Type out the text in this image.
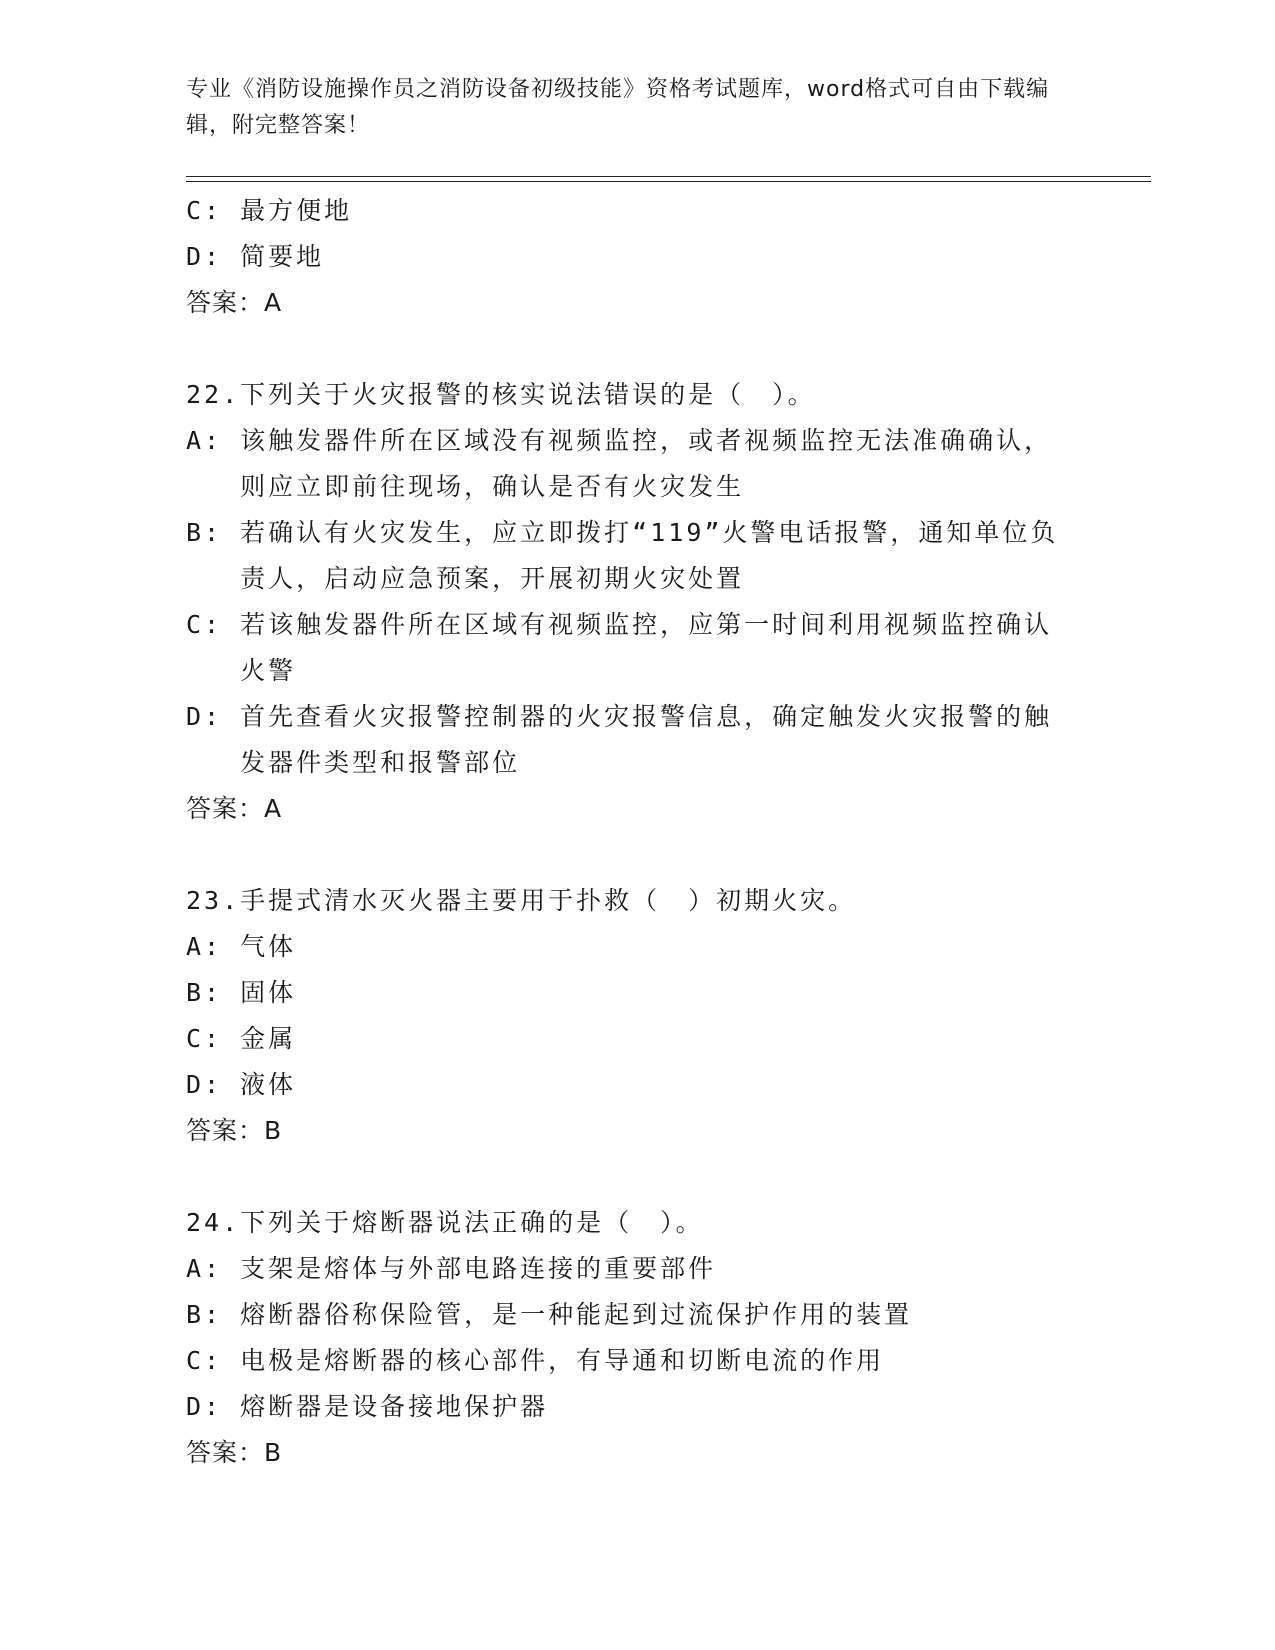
专业《消防设施操作员之消防设备初级技能》资格考试题库，word格式可自由下载编辑，附完整答案！
C:
最方便地
D:
简要地
答案：A
22.下列关于火灾报警的核实说法错误的是（　）。
A:
该触发器件所在区域没有视频监控，或者视频监控无法准确确认，则应立即前往现场，确认是否有火灾发生
B:
若确认有火灾发生，应立即拨打“119”火警电话报警，通知单位负责人，启动应急预案，开展初期火灾处置
C:
若该触发器件所在区域有视频监控，应第一时间利用视频监控确认火警
D:
首先查看火灾报警控制器的火灾报警信息，确定触发火灾报警的触发器件类型和报警部位
答案：A
23.手提式清水灭火器主要用于扑救（　）初期火灾。
A:
气体
B:
固体
C:
金属
D:
液体
答案：B
24.下列关于熔断器说法正确的是（　）。
A:
支架是熔体与外部电路连接的重要部件
B:
熔断器俗称保险管，是一种能起到过流保护作用的装置
C:
电极是熔断器的核心部件，有导通和切断电流的作用
D:
熔断器是设备接地保护器
答案：B
